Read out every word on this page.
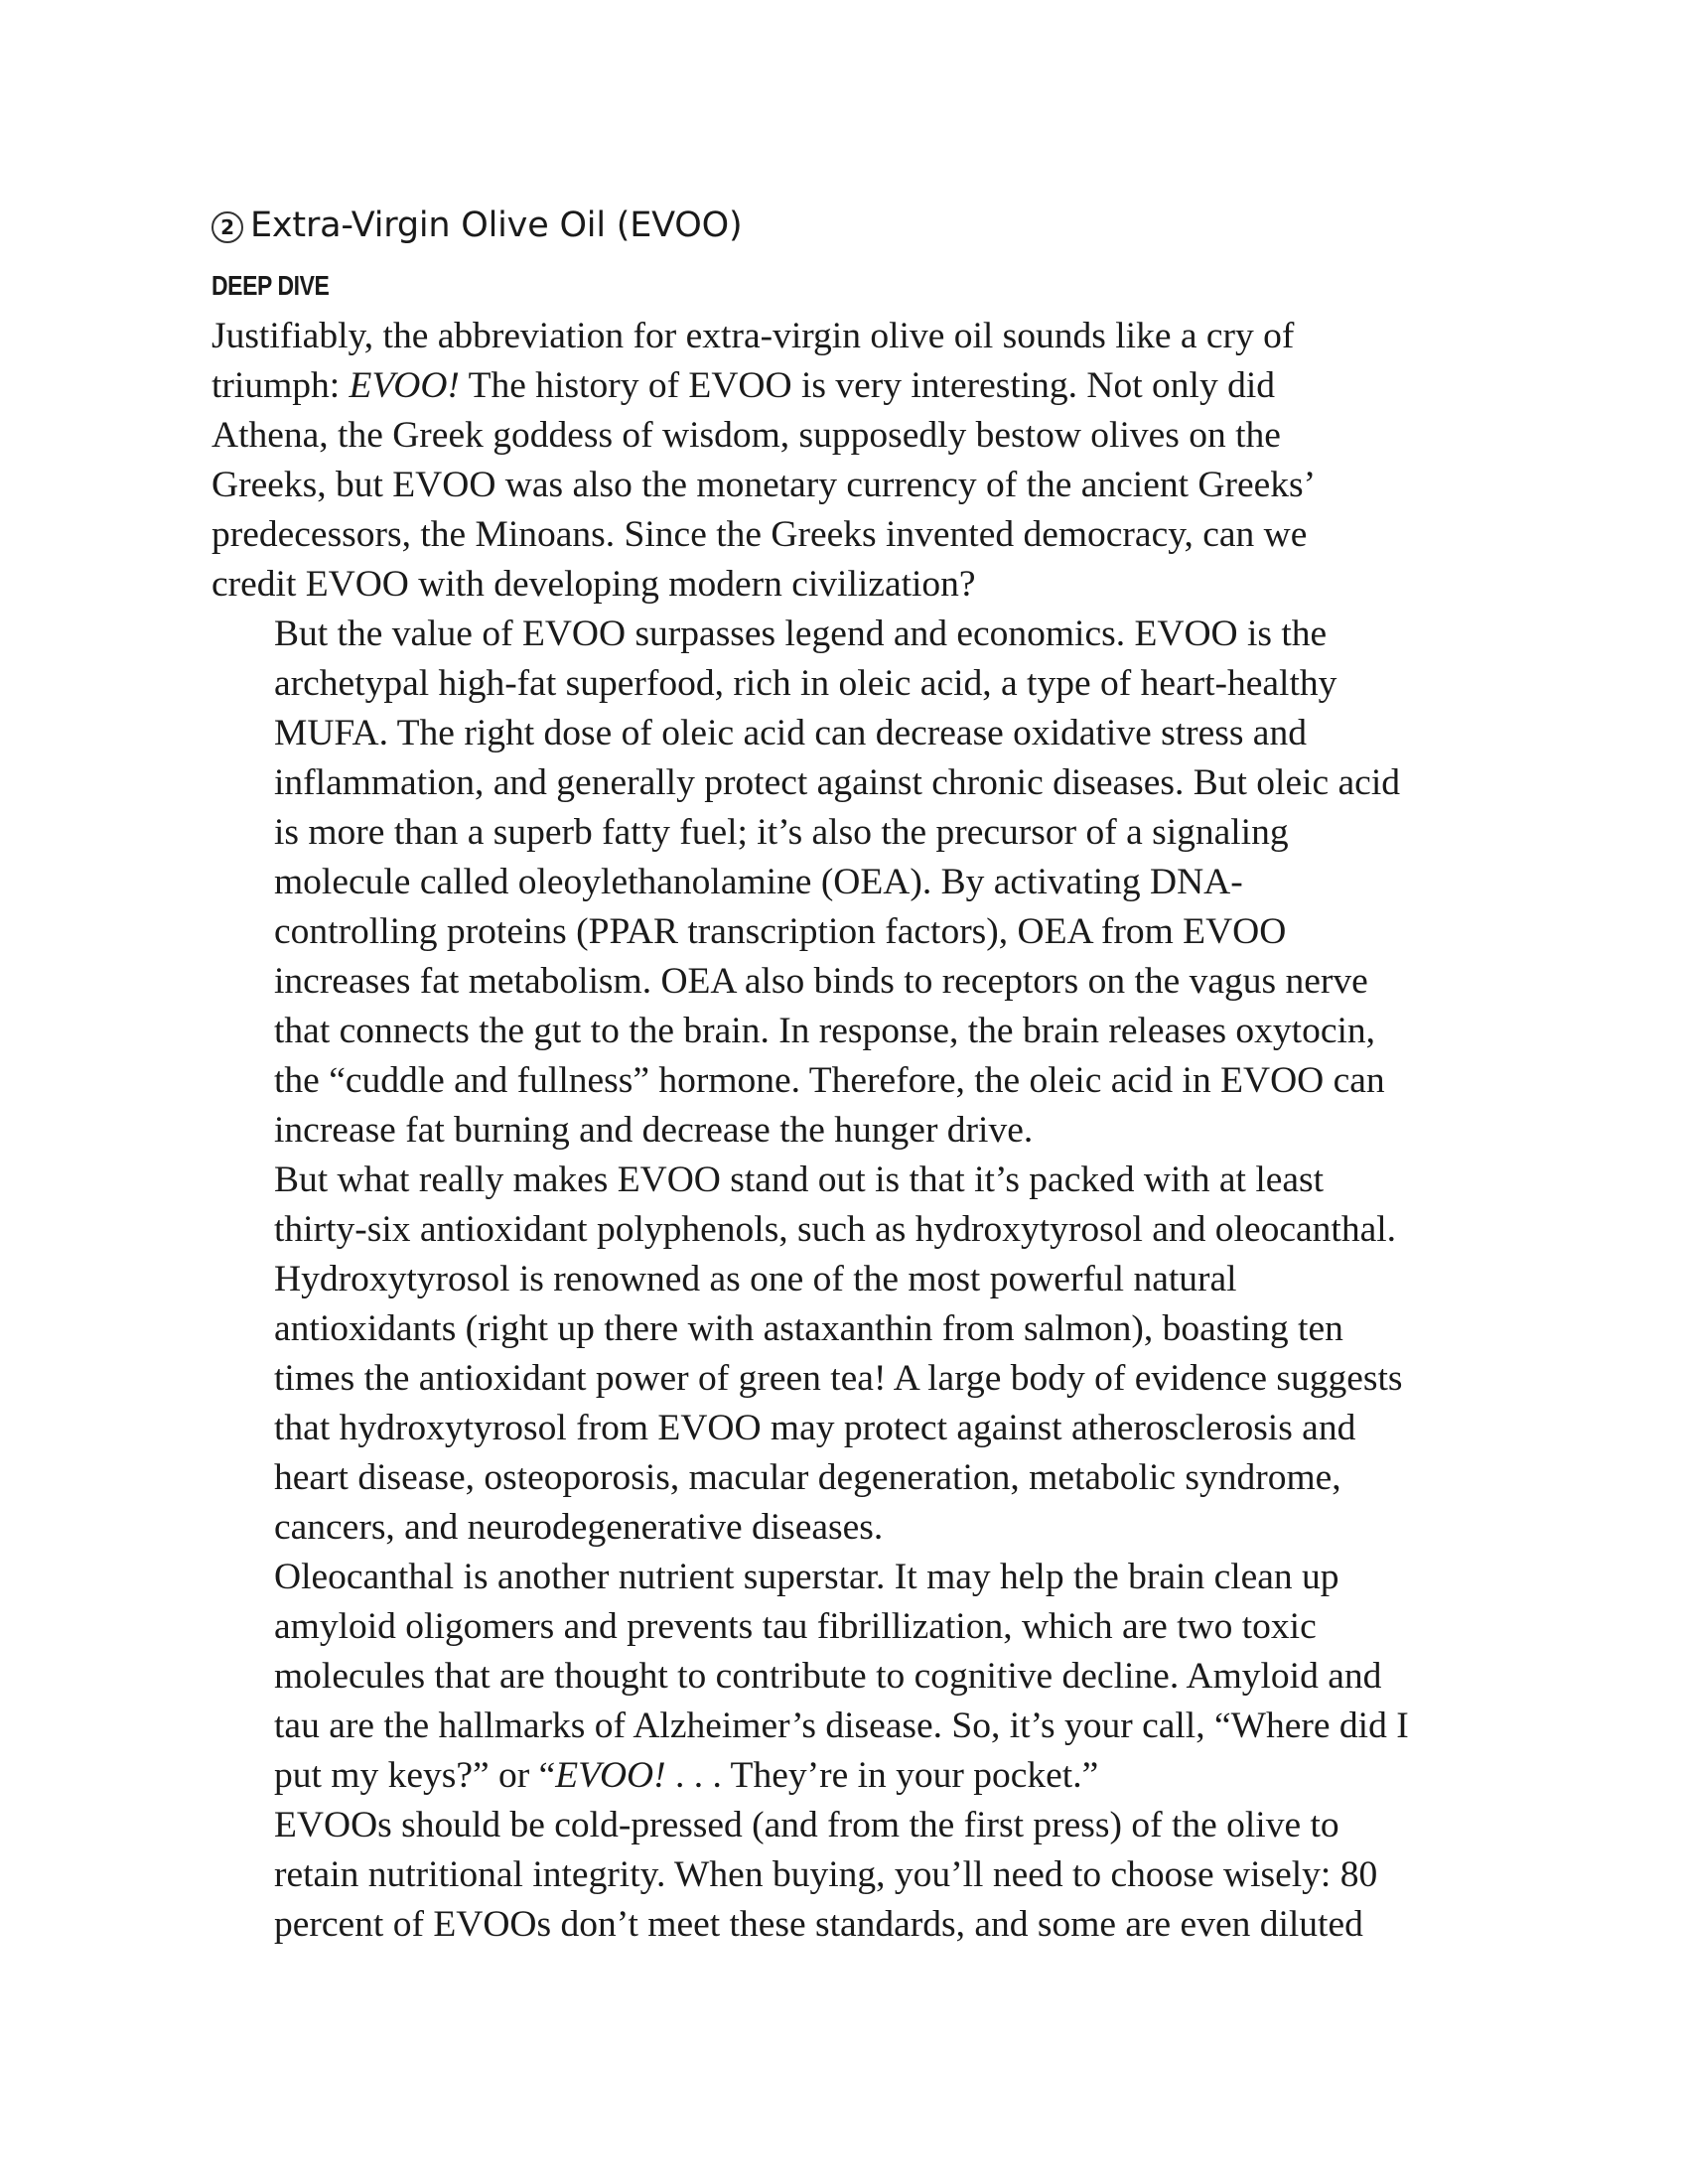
2 Extra-Virgin Olive Oil (EVOO)
DEEP DIVE
Justifiably, the abbreviation for extra-virgin olive oil sounds like a cry of
triumph: EVOO! The history of EVOO is very interesting. Not only did
Athena, the Greek goddess of wisdom, supposedly bestow olives on the
Greeks, but EVOO was also the monetary currency of the ancient Greeks’
predecessors, the Minoans. Since the Greeks invented democracy, can we
credit EVOO with developing modern civilization?
But the value of EVOO surpasses legend and economics. EVOO is the
archetypal high-fat superfood, rich in oleic acid, a type of heart-healthy
MUFA. The right dose of oleic acid can decrease oxidative stress and
inflammation, and generally protect against chronic diseases. But oleic acid
is more than a superb fatty fuel; it’s also the precursor of a signaling
molecule called oleoylethanolamine (OEA). By activating DNA-
controlling proteins (PPAR transcription factors), OEA from EVOO
increases fat metabolism. OEA also binds to receptors on the vagus nerve
that connects the gut to the brain. In response, the brain releases oxytocin,
the “cuddle and fullness” hormone. Therefore, the oleic acid in EVOO can
increase fat burning and decrease the hunger drive.
But what really makes EVOO stand out is that it’s packed with at least
thirty-six antioxidant polyphenols, such as hydroxytyrosol and oleocanthal.
Hydroxytyrosol is renowned as one of the most powerful natural
antioxidants (right up there with astaxanthin from salmon), boasting ten
times the antioxidant power of green tea! A large body of evidence suggests
that hydroxytyrosol from EVOO may protect against atherosclerosis and
heart disease, osteoporosis, macular degeneration, metabolic syndrome,
cancers, and neurodegenerative diseases.
Oleocanthal is another nutrient superstar. It may help the brain clean up
amyloid oligomers and prevents tau fibrillization, which are two toxic
molecules that are thought to contribute to cognitive decline. Amyloid and
tau are the hallmarks of Alzheimer’s disease. So, it’s your call, “Where did I
put my keys?” or “EVOO! . . . They’re in your pocket.”
EVOOs should be cold-pressed (and from the first press) of the olive to
retain nutritional integrity. When buying, you’ll need to choose wisely: 80
percent of EVOOs don’t meet these standards, and some are even diluted
